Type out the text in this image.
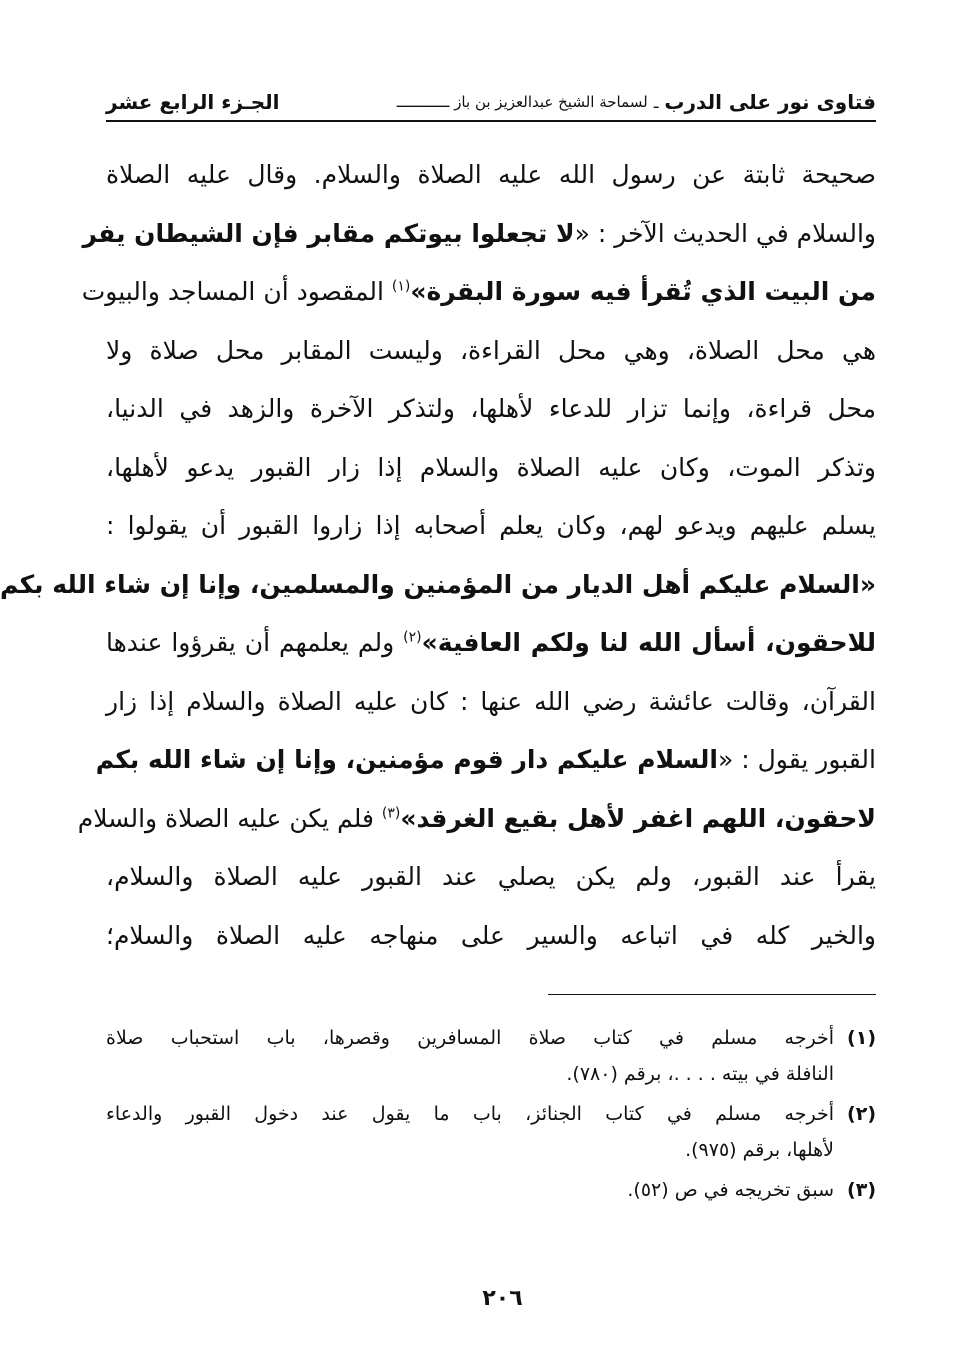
فتاوى نور على الدرب
ـ
لسماحة الشيخ عبدالعزيز بن باز ــــــــــــ
الجـزء الرابع عشر
صحيحة ثابتة عن رسول الله عليه الصلاة والسلام. وقال عليه الصلاة
والسلام في الحديث الآخر : «لا تجعلوا بيوتكم مقابر فإن الشيطان يفر
من البيت الذي تُقرأ فيه سورة البقرة»$^{(١)}$ المقصود أن المساجد والبيوت
هي محل الصلاة، وهي محل القراءة، وليست المقابر محل صلاة ولا
محل قراءة، وإنما تزار للدعاء لأهلها، ولتذكر الآخرة والزهد في الدنيا،
وتذكر الموت، وكان عليه الصلاة والسلام إذا زار القبور يدعو لأهلها،
يسلم عليهم ويدعو لهم، وكان يعلم أصحابه إذا زاروا القبور أن يقولوا :
«السلام عليكم أهل الديار من المؤمنين والمسلمين، وإنا إن شاء الله بكم
للاحقون، أسأل الله لنا ولكم العافية»$^{(٢)}$ ولم يعلمهم أن يقرؤوا عندها
القرآن، وقالت عائشة رضي الله عنها : كان عليه الصلاة والسلام إذا زار
القبور يقول : «السلام عليكم دار قوم مؤمنين، وإنا إن شاء الله بكم
لاحقون، اللهم اغفر لأهل بقيع الغرقد»$^{(٣)}$ فلم يكن عليه الصلاة والسلام
يقرأ عند القبور، ولم يكن يصلي عند القبور عليه الصلاة والسلام،
والخير كله في اتباعه والسير على منهاجه عليه الصلاة والسلام؛
(١)
أخرجه مسلم في كتاب صلاة المسافرين وقصرها، باب استحباب صلاة
النافلة في بيته . . . .، برقم (٧٨٠).
(٢)
أخرجه مسلم في كتاب الجنائز، باب ما يقول عند دخول القبور والدعاء
لأهلها، برقم (٩٧٥).
(٣)
سبق تخريجه في ص (٥٢).
٢٠٦
